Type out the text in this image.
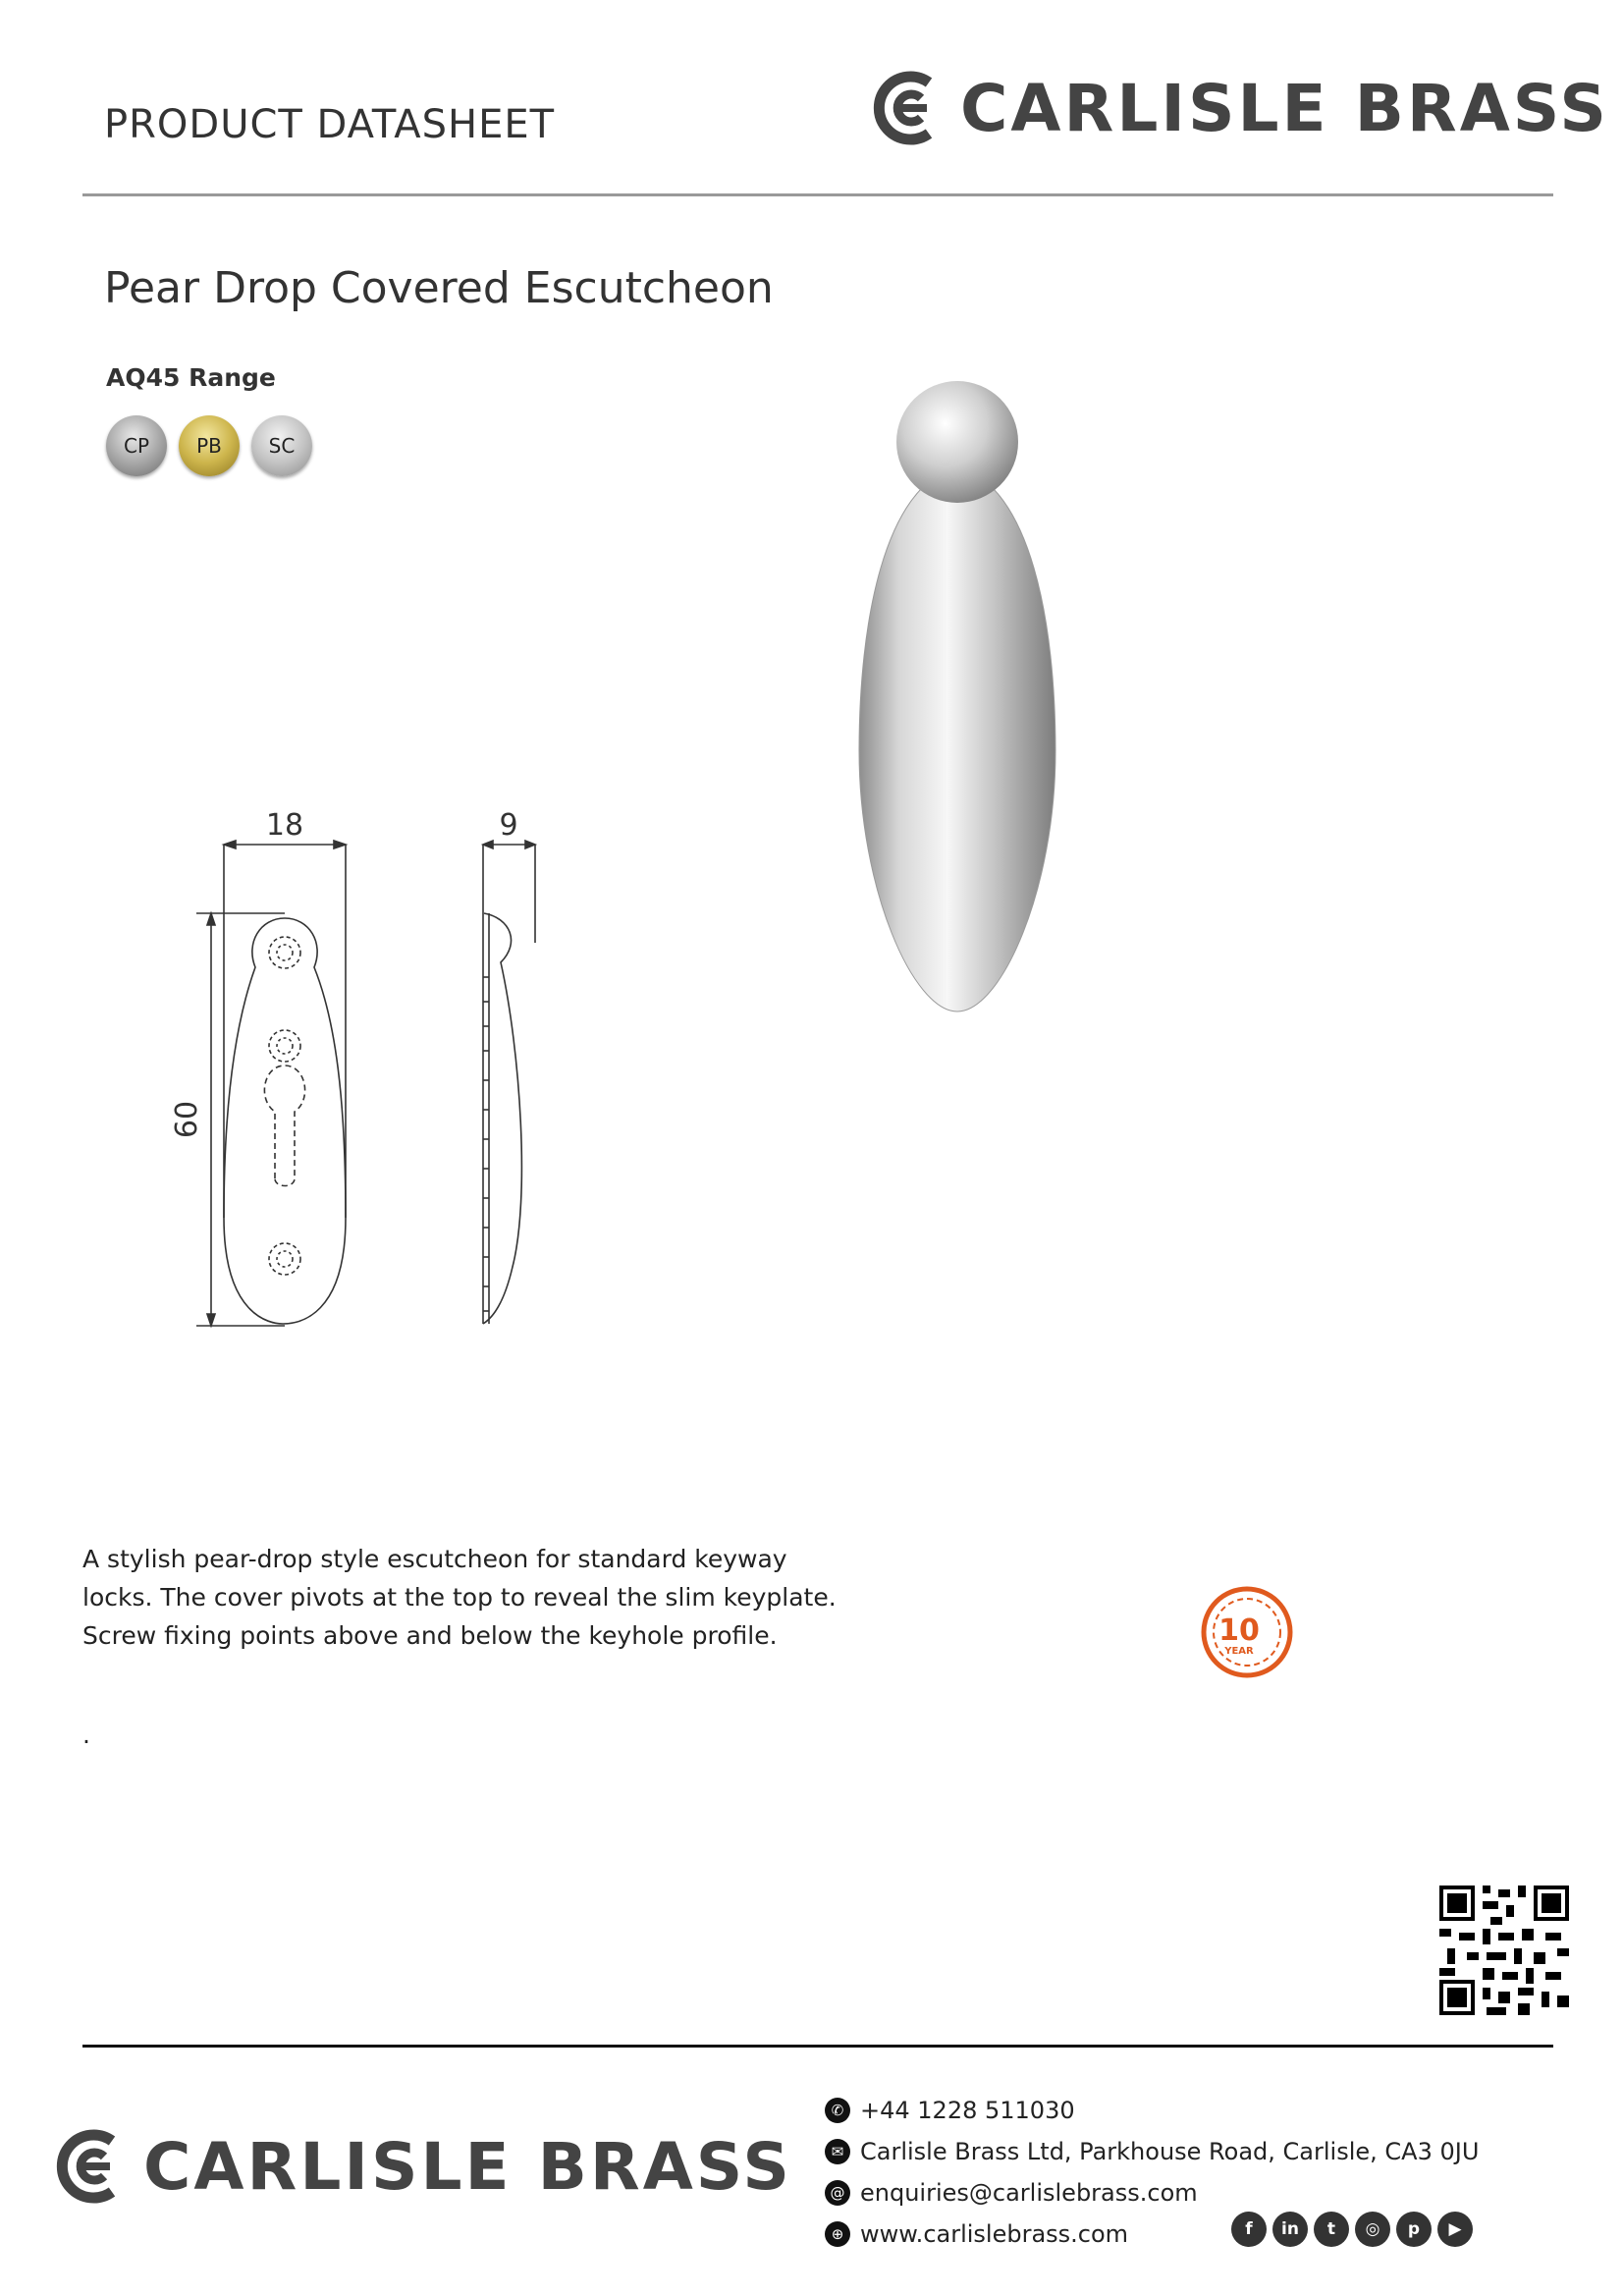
PRODUCT DATASHEET	CARLISLE BRASS
Pear Drop Covered Escutcheon
AQ45 Range
CP PB SC
18	9
60
A stylish pear-drop style escutcheon for standard keyway locks. The cover pivots at the top to reveal the slim keyplate. Screw fixing points above and below the keyhole profile.
.
10
YEAR
CARLISLE BRASS
✆ +44 1228 511030
✉ Carlisle Brass Ltd, Parkhouse Road, Carlisle, CA3 0JU
@ enquiries@carlislebrass.com
⊕ www.carlislebrass.com	f	in	t	◎	p	▶
